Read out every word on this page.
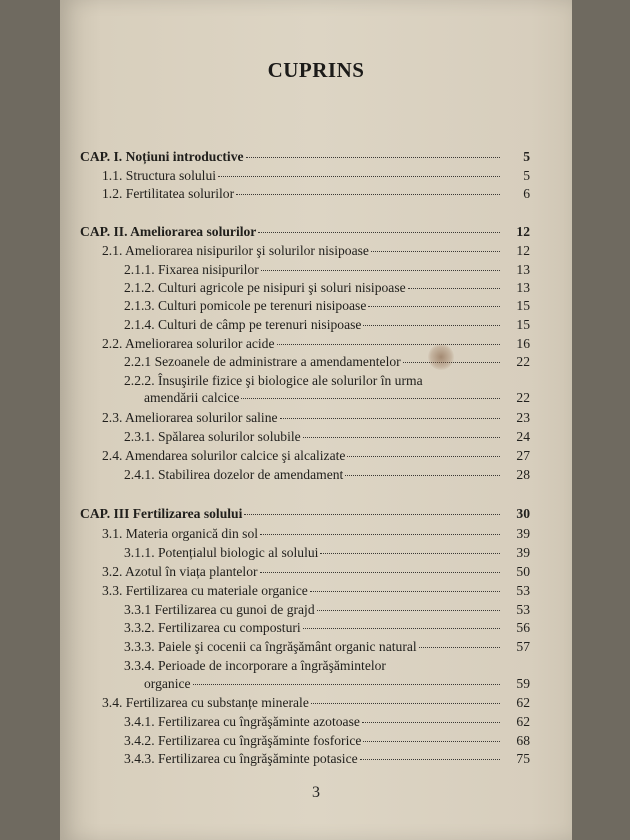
CUPRINS
CAP. I. Noțiuni introductive	5
1.1. Structura solului	5
1.2. Fertilitatea solurilor	6
CAP. II. Ameliorarea solurilor	12
2.1. Ameliorarea nisipurilor şi solurilor nisipoase	12
2.1.1. Fixarea nisipurilor	13
2.1.2. Culturi agricole pe nisipuri şi soluri nisipoase	13
2.1.3. Culturi pomicole pe terenuri nisipoase	15
2.1.4. Culturi de câmp pe terenuri nisipoase	15
2.2. Ameliorarea solurilor acide	16
2.2.1 Sezoanele de administrare a amendamentelor	22
2.2.2. Însuşirile fizice şi biologice ale solurilor în urma
amendării calcice	22
2.3. Ameliorarea solurilor saline	23
2.3.1. Spălarea solurilor solubile	24
2.4. Amendarea solurilor calcice şi alcalizate	27
2.4.1. Stabilirea dozelor de amendament	28
CAP. III Fertilizarea solului	30
3.1. Materia organică din sol	39
3.1.1. Potențialul biologic al solului	39
3.2. Azotul în viața plantelor	50
3.3. Fertilizarea cu materiale organice	53
3.3.1 Fertilizarea cu gunoi de grajd	53
3.3.2. Fertilizarea cu composturi	56
3.3.3. Paiele şi cocenii ca îngrăşământ organic natural	57
3.3.4. Perioade de incorporare a îngrăşămintelor
organice	59
3.4. Fertilizarea cu substanțe minerale	62
3.4.1. Fertilizarea cu îngrăşăminte azotoase	62
3.4.2. Fertilizarea cu îngrăşăminte fosforice	68
3.4.3. Fertilizarea cu îngrăşăminte potasice	75
3
